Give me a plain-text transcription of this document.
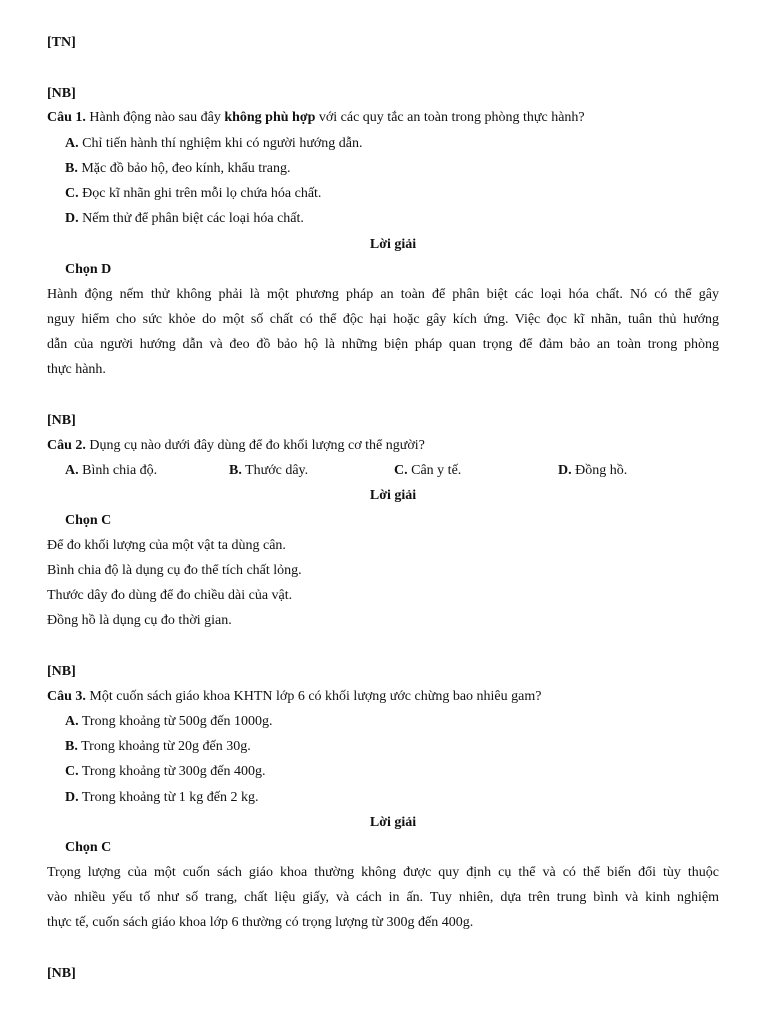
[TN]
[NB]
Câu 1. Hành động nào sau đây không phù hợp với các quy tắc an toàn trong phòng thực hành?
A. Chỉ tiến hành thí nghiệm khi có người hướng dẫn.
B. Mặc đồ bảo hộ, đeo kính, khẩu trang.
C. Đọc kĩ nhãn ghi trên mỗi lọ chứa hóa chất.
D. Nếm thử để phân biệt các loại hóa chất.
Lời giải
Chọn D
Hành động nếm thử không phải là một phương pháp an toàn để phân biệt các loại hóa chất. Nó có thể gây
nguy hiểm cho sức khỏe do một số chất có thể độc hại hoặc gây kích ứng. Việc đọc kĩ nhãn, tuân thủ hướng
dẫn của người hướng dẫn và đeo đồ bảo hộ là những biện pháp quan trọng để đảm bảo an toàn trong phòng
thực hành.
[NB]
Câu 2. Dụng cụ nào dưới đây dùng để đo khối lượng cơ thể người?
A. Bình chia độ.	B. Thước dây.	C. Cân y tế.	D. Đồng hồ.
Lời giải
Chọn C
Để đo khối lượng của một vật ta dùng cân.
Bình chia độ là dụng cụ đo thể tích chất lỏng.
Thước dây đo dùng để đo chiều dài của vật.
Đồng hồ là dụng cụ đo thời gian.
[NB]
Câu 3. Một cuốn sách giáo khoa KHTN lớp 6 có khối lượng ước chừng bao nhiêu gam?
A. Trong khoảng từ 500g đến 1000g.
B. Trong khoảng từ 20g đến 30g.
C. Trong khoảng từ 300g đến 400g.
D. Trong khoảng từ 1 kg đến 2 kg.
Lời giải
Chọn C
Trọng lượng của một cuốn sách giáo khoa thường không được quy định cụ thể và có thể biến đổi tùy thuộc
vào nhiều yếu tố như số trang, chất liệu giấy, và cách in ấn. Tuy nhiên, dựa trên trung bình và kinh nghiệm
thực tế, cuốn sách giáo khoa lớp 6 thường có trọng lượng từ 300g đến 400g.
[NB]
